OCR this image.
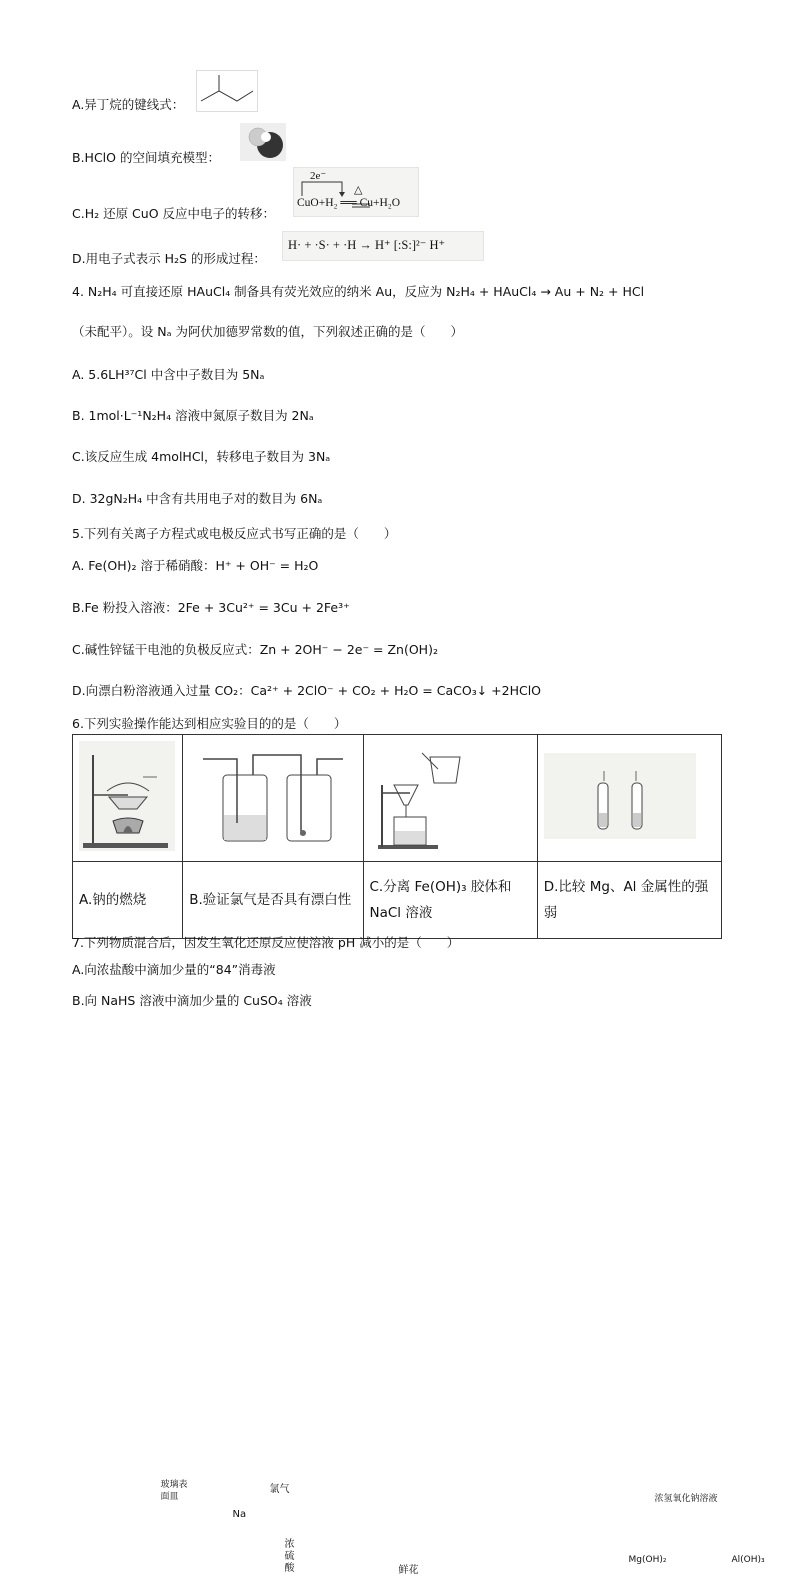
A.异丁烷的键线式：
B.HClO 的空间填充模型：
C.H₂ 还原 CuO 反应中电子的转移：
2e⁻
△
CuO+H₂ ══ Cu+H₂O
D.用电子式表示 H₂S 的形成过程：
H· + ·S· + ·H → H⁺ [:S:]²⁻ H⁺
4. N₂H₄ 可直接还原 HAuCl₄ 制备具有荧光效应的纳米 Au，反应为 N₂H₄ + HAuCl₄ → Au + N₂ + HCl
（未配平）。设 Nₐ 为阿伏加德罗常数的值，下列叙述正确的是（　　）
A. 5.6LH³⁷Cl 中含中子数目为 5Nₐ
B. 1mol·L⁻¹N₂H₄ 溶液中氮原子数目为 2Nₐ
C.该反应生成 4molHCl，转移电子数目为 3Nₐ
D. 32gN₂H₄ 中含有共用电子对的数目为 6Nₐ
5.下列有关离子方程式或电极反应式书写正确的是（　　）
A. Fe(OH)₂ 溶于稀硝酸：H⁺ + OH⁻ = H₂O
B.Fe 粉投入溶液：2Fe + 3Cu²⁺ = 3Cu + 2Fe³⁺
C.碱性锌锰干电池的负极反应式：Zn + 2OH⁻ − 2e⁻ = Zn(OH)₂
D.向漂白粉溶液通入过量 CO₂：Ca²⁺ + 2ClO⁻ + CO₂ + H₂O = CaCO₃↓ +2HClO
6.下列实验操作能达到相应实验目的的是（　　）
玻璃表
面皿
Na	氯气
浓
硫
酸 鲜花		浓氢氧化钠溶液
Mg(OH)₂ Al(OH)₃

A.钠的燃烧	B.验证氯气是否具有漂白性	C.分离 Fe(OH)₃ 胶体和 NaCl 溶液	D.比较 Mg、Al 金属性的强弱
7.下列物质混合后，因发生氧化还原反应使溶液 pH 减小的是（　　）
A.向浓盐酸中滴加少量的“84”消毒液
B.向 NaHS 溶液中滴加少量的 CuSO₄ 溶液
